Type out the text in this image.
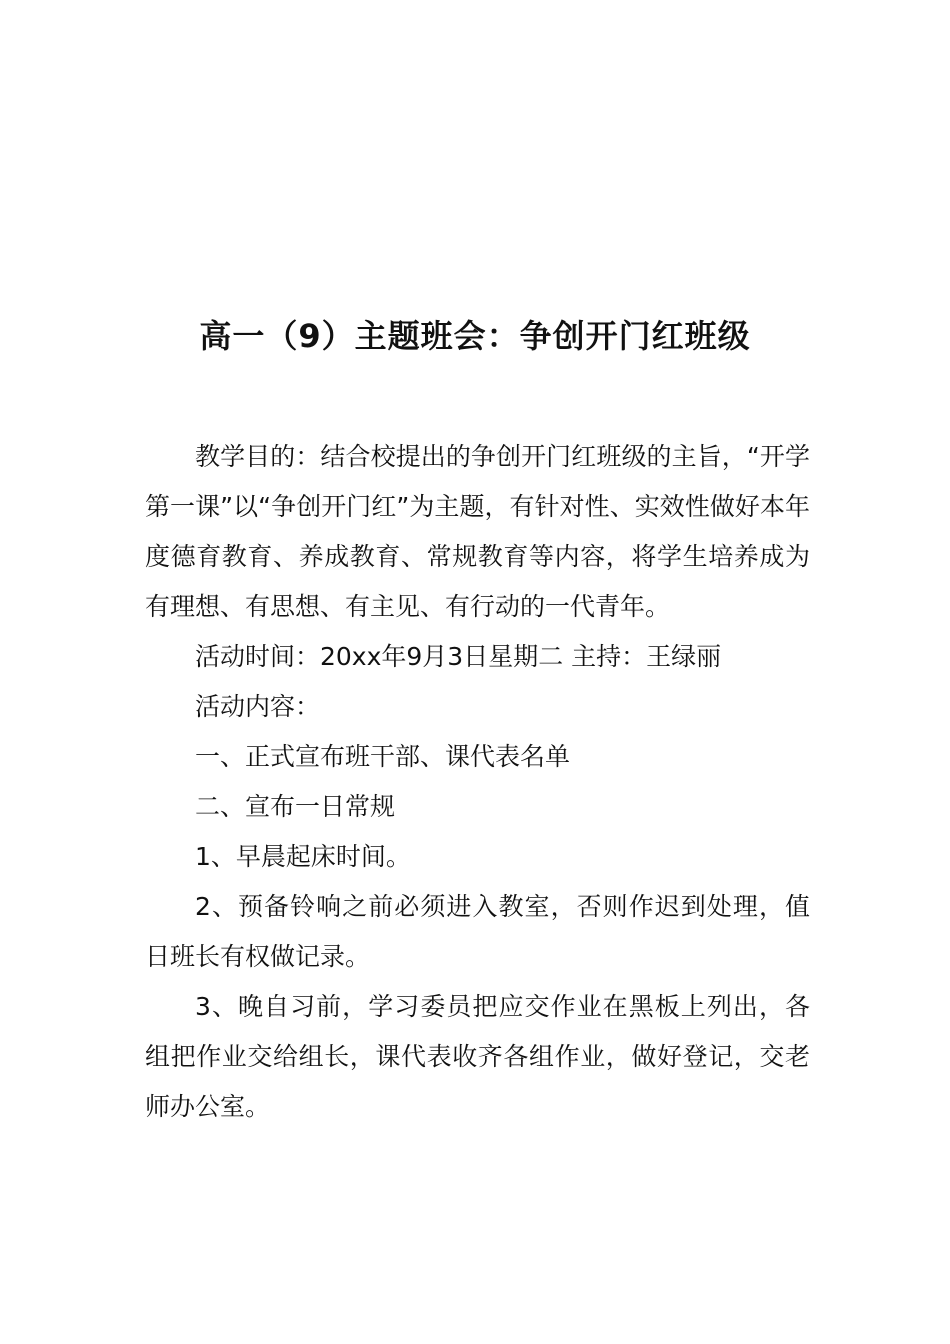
高一（9）主题班会：争创开门红班级

教学目的：结合校提出的争创开门红班级的主旨，“开学第一课”以“争创开门红”为主题，有针对性、实效性做好本年度德育教育、养成教育、常规教育等内容，将学生培养成为有理想、有思想、有主见、有行动的一代青年。

活动时间：20xx年9月3日星期二 主持：王绿丽

活动内容：

一、正式宣布班干部、课代表名单

二、宣布一日常规

1、早晨起床时间。

2、预备铃响之前必须进入教室，否则作迟到处理，值日班长有权做记录。

3、晚自习前，学习委员把应交作业在黑板上列出，各组把作业交给组长，课代表收齐各组作业，做好登记，交老师办公室。
